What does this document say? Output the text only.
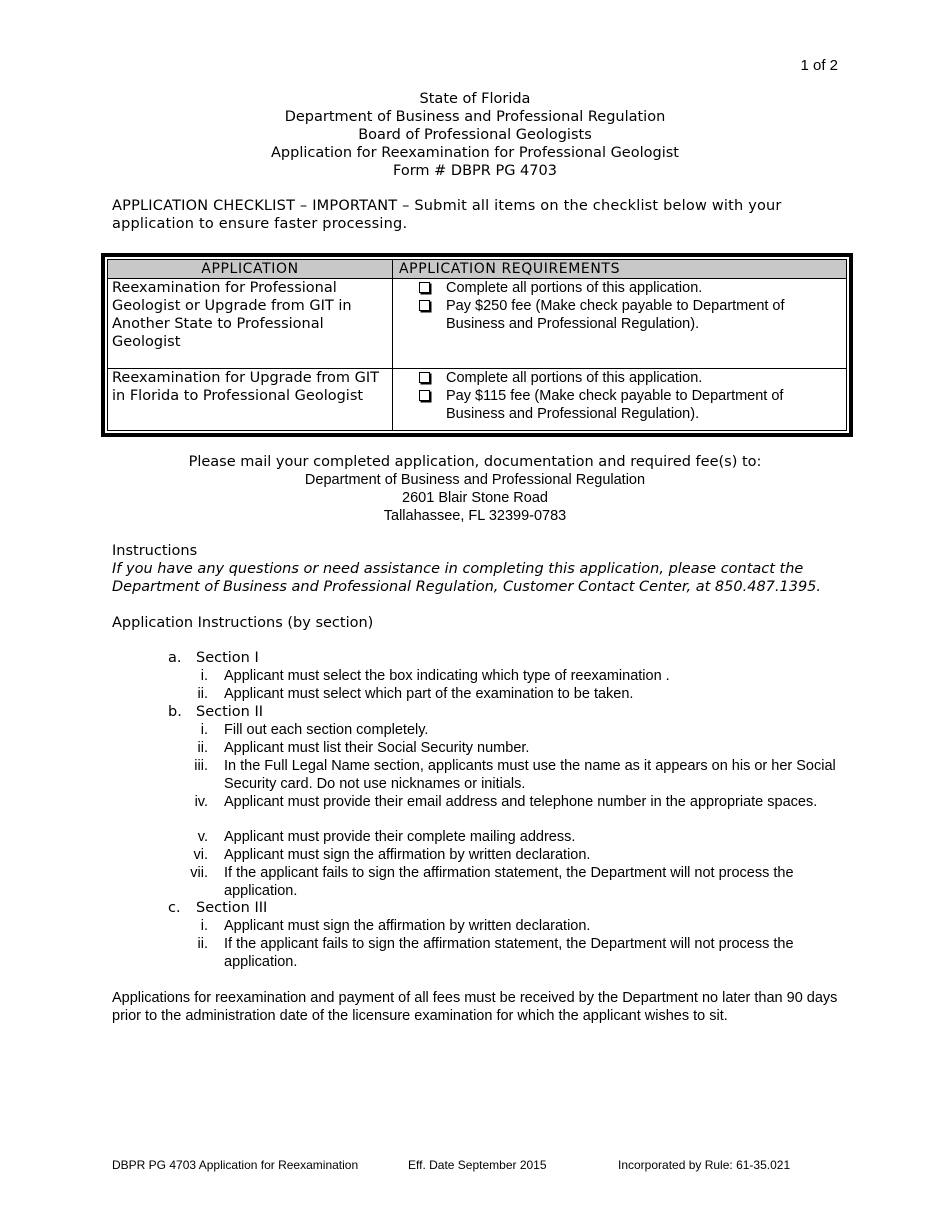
1 of 2
State of Florida
Department of Business and Professional Regulation
Board of Professional Geologists
Application for Reexamination for Professional Geologist
Form # DBPR PG 4703
APPLICATION CHECKLIST – IMPORTANT – Submit all items on the checklist below with your application to ensure faster processing.
APPLICATION	APPLICATION REQUIREMENTS
Reexamination for Professional Geologist or Upgrade from GIT in Another State to Professional Geologist	Complete all portions of this application.
Pay $250 fee (Make check payable to Department of Business and Professional Regulation).

Reexamination for Upgrade from GIT in Florida to Professional Geologist	Complete all portions of this application.
Pay $115 fee (Make check payable to Department of Business and Professional Regulation).
Please mail your completed application, documentation and required fee(s) to:
Department of Business and Professional Regulation
2601 Blair Stone Road
Tallahassee, FL 32399-0783
Instructions
If you have any questions or need assistance in completing this application, please contact the Department of Business and Professional Regulation, Customer Contact Center, at 850.487.1395.
Application Instructions (by section)
a.	Section I
i. Applicant must select the box indicating which type of reexamination .
ii. Applicant must select which part of the examination to be taken.
b. Section II
i. Fill out each section completely.
ii. Applicant must list their Social Security number.
iii. In the Full Legal Name section, applicants must use the name as it appears on his or her Social Security card. Do not use nicknames or initials.
iv. Applicant must provide their email address and telephone number in the appropriate spaces.
v. Applicant must provide their complete mailing address.
vi. Applicant must sign the affirmation by written declaration.
vii. If the applicant fails to sign the affirmation statement, the Department will not process the application.
c.	Section III
i. Applicant must sign the affirmation by written declaration.
ii. If the applicant fails to sign the affirmation statement, the Department will not process the application.
Applications for reexamination and payment of all fees must be received by the Department no later than 90 days prior to the administration date of the licensure examination for which the applicant wishes to sit.
DBPR PG 4703 Application for Reexamination	Eff. Date September 2015	Incorporated by Rule: 61-35.021
